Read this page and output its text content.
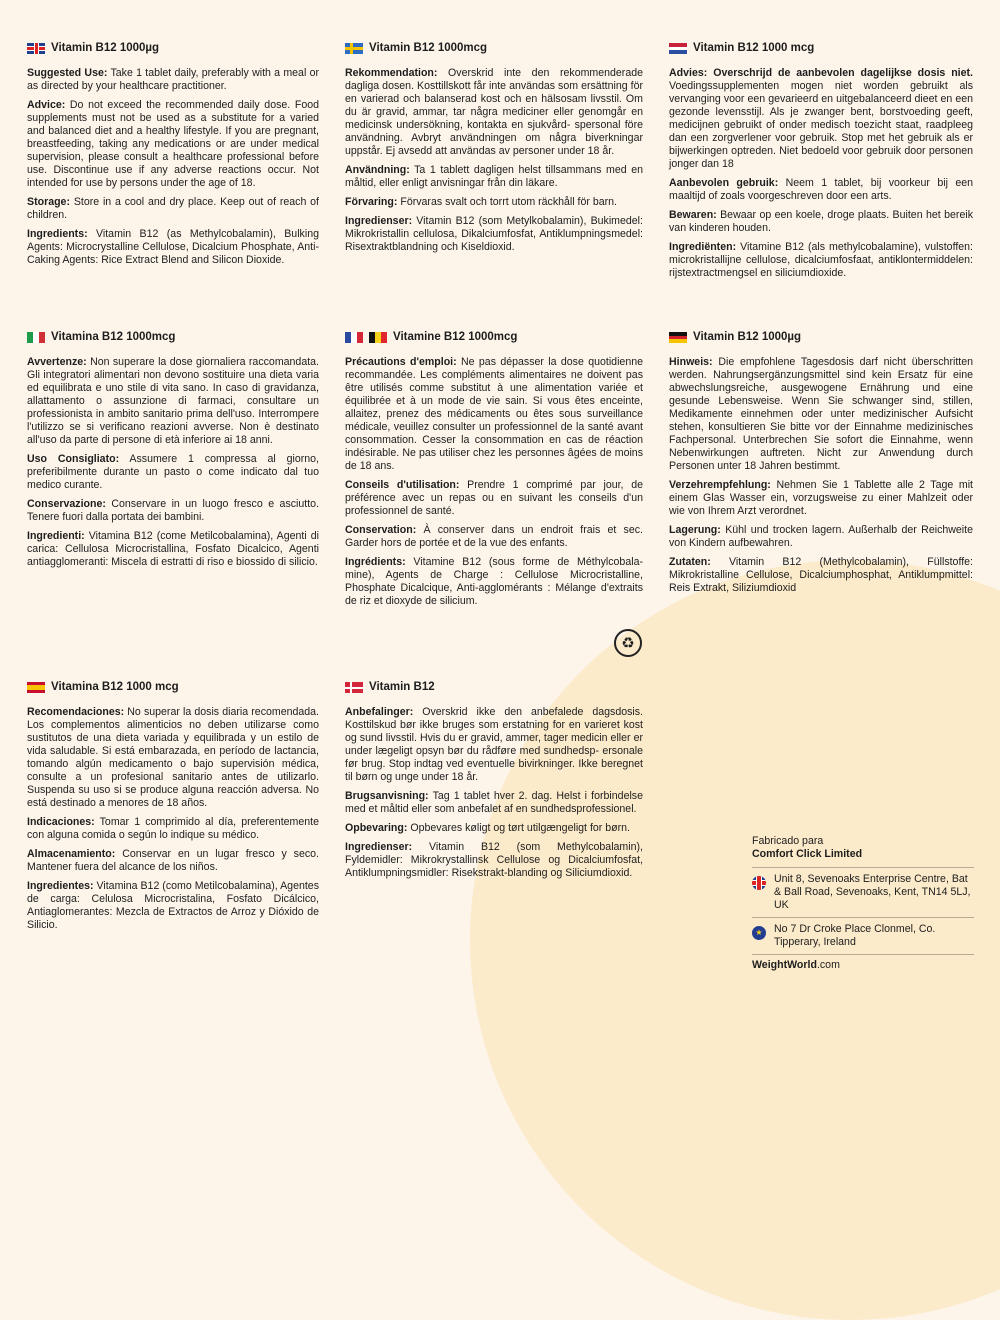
Vitamin B12 1000µg

Suggested Use: Take 1 tablet daily, preferably with a meal or as directed by your healthcare practitioner.

Advice: Do not exceed the recommended daily dose. Food supplements must not be used as a substitute for a varied and balanced diet and a healthy lifestyle. If you are pregnant, breastfeeding, taking any medications or are under medical supervision, please consult a healthcare professional before use. Discontinue use if any adverse reactions occur. Not intended for use by persons under the age of 18.

Storage: Store in a cool and dry place. Keep out of reach of children.

Ingredients: Vitamin B12 (as Methylcobalamin), Bulking Agents: Microcrystalline Cellulose, Dicalcium Phosphate, Anti-Caking Agents: Rice Extract Blend and Silicon Dioxide.

Vitamin B12 1000mcg

Rekommendation: Overskrid inte den rekommenderade dagliga dosen. Kosttillskott får inte användas som ersättning för en varierad och balanserad kost och en hälsosam livsstil. Om du är gravid, ammar, tar några mediciner eller genomgår en medicinsk undersökning, kontakta en sjukvård- spersonal före användning. Avbryt användningen om några biverkningar uppstår. Ej avsedd att användas av personer under 18 år.

Användning: Ta 1 tablett dagligen helst tillsammans med en måltid, eller enligt anvisningar från din läkare.

Förvaring: Förvaras svalt och torrt utom räckhåll för barn.

Ingredienser: Vitamin B12 (som Metylkobalamin), Bukimedel: Mikrokristallin cellulosa, Dikalciumfosfat, Antiklumpningsmedel: Risextraktblandning och Kiseldioxid.

Vitamin B12 1000 mcg

Advies: Overschrijd de aanbevolen dagelijkse dosis niet. Voedingssupplementen mogen niet worden gebruikt als vervanging voor een gevarieerd en uitgebalanceerd dieet en een gezonde levensstijl. Als je zwanger bent, borstvoeding geeft, medicijnen gebruikt of onder medisch toezicht staat, raadpleeg dan een zorgverlener voor gebruik. Stop met het gebruik als er bijwerkingen optreden. Niet bedoeld voor gebruik door personen jonger dan 18

Aanbevolen gebruik: Neem 1 tablet, bij voorkeur bij een maaltijd of zoals voorgeschreven door een arts.

Bewaren: Bewaar op een koele, droge plaats. Buiten het bereik van kinderen houden.

Ingrediënten: Vitamine B12 (als methylcobalamine), vulstoffen: microkristallijne cellulose, dicalciumfosfaat, antiklontermiddelen: rijstextractmengsel en siliciumdioxide.

Vitamina B12 1000mcg

Avvertenze: Non superare la dose giornaliera raccomandata. Gli integratori alimentari non devono sostituire una dieta varia ed equilibrata e uno stile di vita sano. In caso di gravidanza, allattamento o assunzione di farmaci, consultare un professionista in ambito sanitario prima dell'uso. Interrompere l'utilizzo se si verificano reazioni avverse. Non è destinato all'uso da parte di persone di età inferiore ai 18 anni.

Uso Consigliato: Assumere 1 compressa al giorno, preferibilmente durante un pasto o come indicato dal tuo medico curante.

Conservazione: Conservare in un luogo fresco e asciutto. Tenere fuori dalla portata dei bambini.

Ingredienti: Vitamina B12 (come Metilcobalamina), Agenti di carica: Cellulosa Microcristallina, Fosfato Dicalcico, Agenti antiagglomeranti: Miscela di estratti di riso e biossido di silicio.

Vitamine B12 1000mcg

Précautions d'emploi: Ne pas dépasser la dose quotidienne recommandée. Les compléments alimentaires ne doivent pas être utilisés comme substitut à une alimentation variée et équilibrée et à un mode de vie sain. Si vous êtes enceinte, allaitez, prenez des médicaments ou êtes sous surveillance médicale, veuillez consulter un professionnel de la santé avant consommation. Cesser la consommation en cas de réaction indésirable. Ne pas utiliser chez les personnes âgées de moins de 18 ans.

Conseils d'utilisation: Prendre 1 comprimé par jour, de préférence avec un repas ou en suivant les conseils d'un professionnel de santé.

Conservation: À conserver dans un endroit frais et sec. Garder hors de portée et de la vue des enfants.

Ingrédients: Vitamine B12 (sous forme de Méthylcobala- mine), Agents de Charge : Cellulose Microcristalline, Phosphate Dicalcique, Anti-agglomérants : Mélange d'extraits de riz et dioxyde de silicium.

Vitamin B12 1000µg

Hinweis: Die empfohlene Tagesdosis darf nicht überschritten werden. Nahrungsergänzungsmittel sind kein Ersatz für eine abwechslungsreiche, ausgewogene Ernährung und eine gesunde Lebensweise. Wenn Sie schwanger sind, stillen, Medikamente einnehmen oder unter medizinischer Aufsicht stehen, konsultieren Sie bitte vor der Einnahme medizinisches Fachpersonal. Unterbrechen Sie sofort die Einnahme, wenn Nebenwirkungen auftreten. Nicht zur Anwendung durch Personen unter 18 Jahren bestimmt.

Verzehrempfehlung: Nehmen Sie 1 Tablette alle 2 Tage mit einem Glas Wasser ein, vorzugsweise zu einer Mahlzeit oder wie von Ihrem Arzt verordnet.

Lagerung: Kühl und trocken lagern. Außerhalb der Reichweite von Kindern aufbewahren.

Zutaten: Vitamin B12 (Methylcobalamin), Füllstoffe: Mikrokristalline Cellulose, Dicalciumphosphat, Antiklumpmittel: Reis Extrakt, Siliziumdioxid

♻
Vitamina B12 1000 mcg

Recomendaciones: No superar la dosis diaria recomendada. Los complementos alimenticios no deben utilizarse como sustitutos de una dieta variada y equilibrada y un estilo de vida saludable. Si está embarazada, en período de lactancia, tomando algún medicamento o bajo supervisión médica, consulte a un profesional sanitario antes de utilizarlo. Suspenda su uso si se produce alguna reacción adversa. No está destinado a menores de 18 años.

Indicaciones: Tomar 1 comprimido al día, preferentemente con alguna comida o según lo indique su médico.

Almacenamiento: Conservar en un lugar fresco y seco. Mantener fuera del alcance de los niños.

Ingredientes: Vitamina B12 (como Metilcobalamina), Agentes de carga: Celulosa Microcristalina, Fosfato Dicálcico, Antiaglomerantes: Mezcla de Extractos de Arroz y Dióxido de Silicio.

Vitamin B12

Anbefalinger: Overskrid ikke den anbefalede dagsdosis. Kosttilskud bør ikke bruges som erstatning for en varieret kost og sund livsstil. Hvis du er gravid, ammer, tager medicin eller er under lægeligt opsyn bør du rådføre med sundhedsp- ersonale før brug. Stop indtag ved eventuelle bivirkninger. Ikke beregnet til børn og unge under 18 år.

Brugsanvisning: Tag 1 tablet hver 2. dag. Helst i forbindelse med et måltid eller som anbefalet af en sundhedsprofessionel.

Opbevaring: Opbevares køligt og tørt utilgængeligt for børn.

Ingredienser: Vitamin B12 (som Methylcobalamin), Fyldemidler: Mikrokrystallinsk Cellulose og Dicalciumfosfat, Antiklumpningsmidler: Risekstrakt-blanding og Siliciumdioxid.

Fabricado para
Comfort Click Limited
Unit 8, Sevenoaks Enterprise Centre, Bat & Ball Road, Sevenoaks, Kent, TN14 5LJ, UK
★	No 7 Dr Croke Place Clonmel, Co. Tipperary, Ireland
WeightWorld.com
